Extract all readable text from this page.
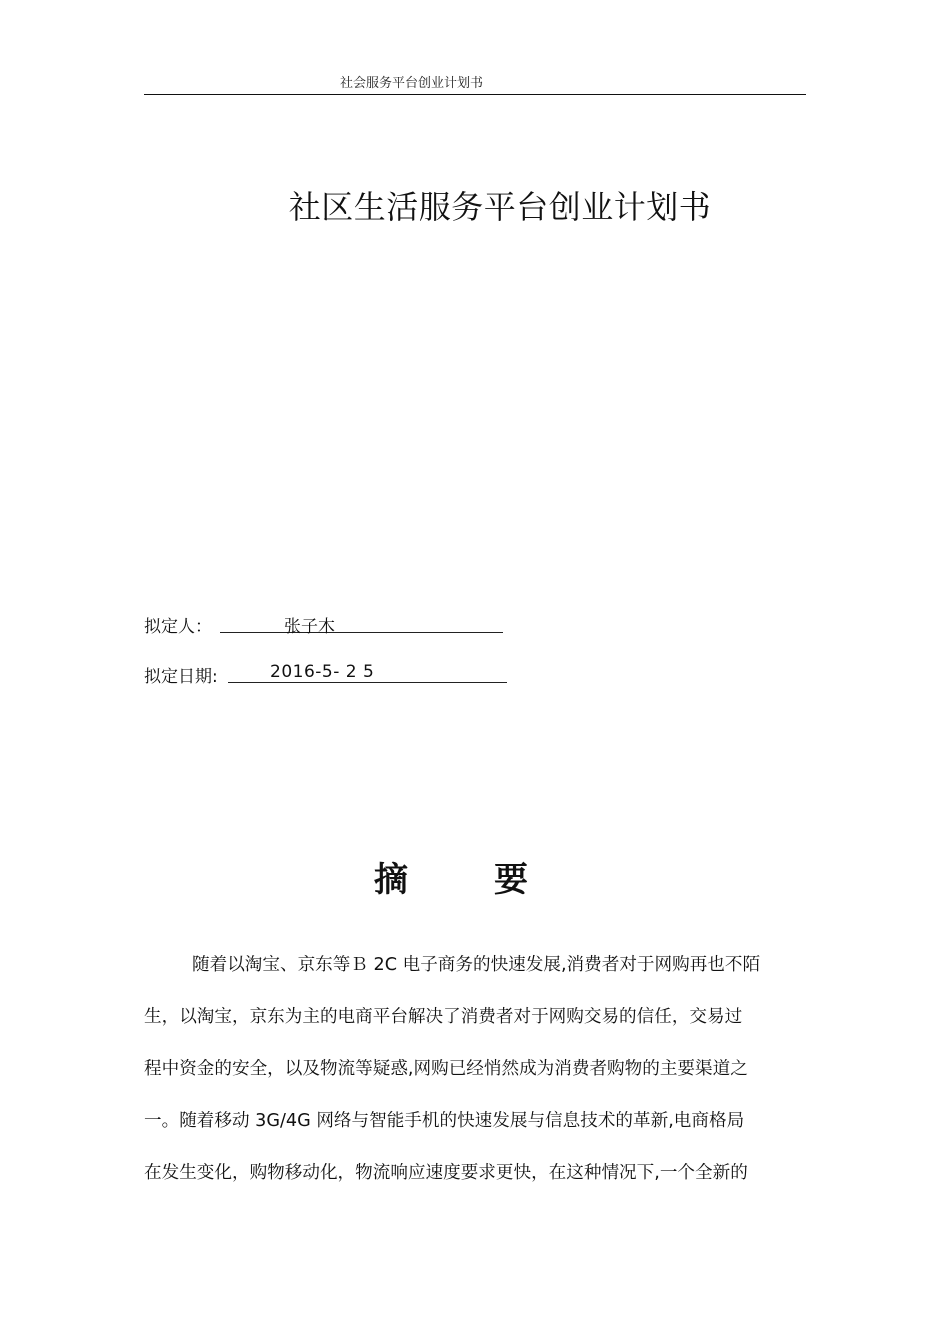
社会服务平台创业计划书
社区生活服务平台创业计划书
拟定人：	张子木
拟定日期:	2016-5- 2 5
摘要
随着以淘宝、京东等Ｂ 2C 电子商务的快速发展,消费者对于网购再也不陌
生，以淘宝，京东为主的电商平台解决了消费者对于网购交易的信任，交易过
程中资金的安全，以及物流等疑惑,网购已经悄然成为消费者购物的主要渠道之
一。随着移动 3G/4G 网络与智能手机的快速发展与信息技术的革新,电商格局
在发生变化，购物移动化，物流响应速度要求更快，在这种情况下,一个全新的
